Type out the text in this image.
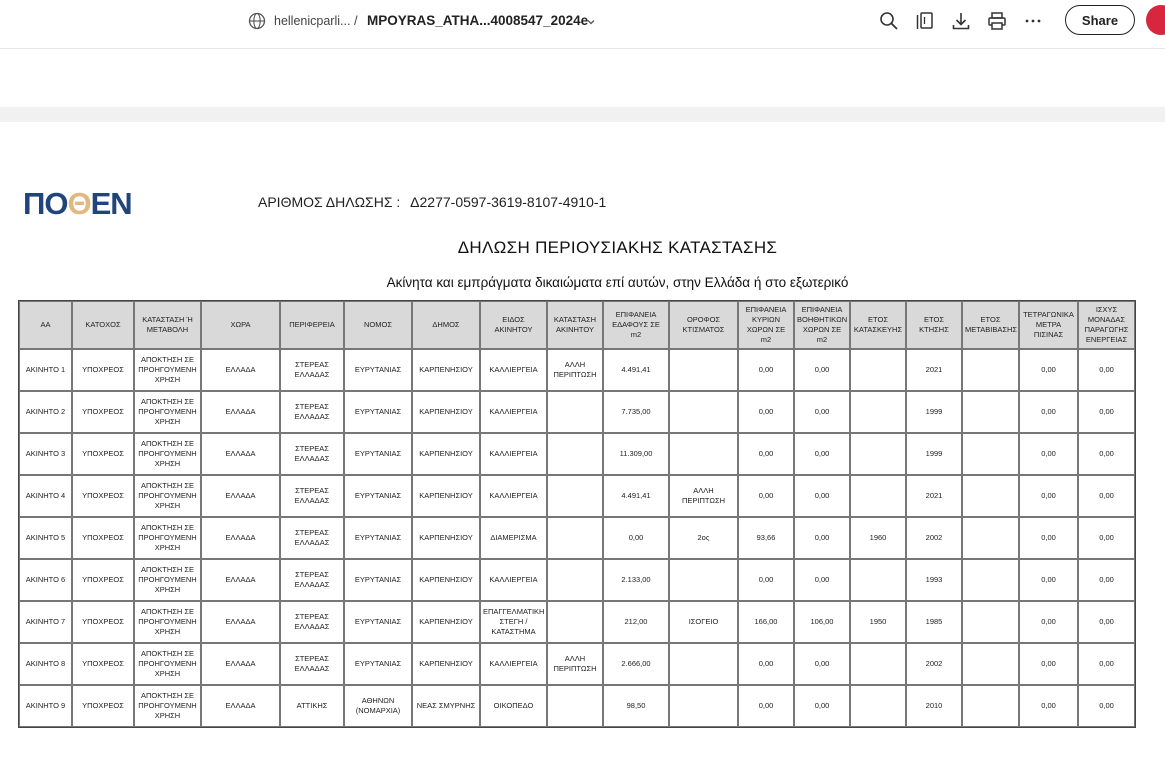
hellenicparli... / MPOYRAS_ATHA...4008547_2024e	Share
ΠΟΘΕΝ	ΑΡΙΘΜΟΣ ΔΗΛΩΣΗΣ : Δ2277-0597-3619-8107-4910-1
ΔΗΛΩΣΗ ΠΕΡΙΟΥΣΙΑΚΗΣ ΚΑΤΑΣΤΑΣΗΣ
Ακίνητα και εμπράγματα δικαιώματα επί αυτών, στην Ελλάδα ή στο εξωτερικό
ΑΑ	ΚΑΤΟΧΟΣ	ΚΑΤΑΣΤΑΣΗ Ή ΜΕΤΑΒΟΛΗ	ΧΩΡΑ	ΠΕΡΙΦΕΡΕΙΑ	ΝΟΜΟΣ	ΔΗΜΟΣ	ΕΙΔΟΣ ΑΚΙΝΗΤΟΥ	ΚΑΤΑΣΤΑΣΗ ΑΚΙΝΗΤΟΥ	ΕΠΙΦΑΝΕΙΑ ΕΔΑΦΟΥΣ ΣΕ m2	ΟΡΟΦΟΣ ΚΤΙΣΜΑΤΟΣ	ΕΠΙΦΑΝΕΙΑ ΚΥΡΙΩΝ ΧΩΡΩΝ ΣΕ m2	ΕΠΙΦΑΝΕΙΑ ΒΟΗΘΗΤΙΚΩΝ ΧΩΡΩΝ ΣΕ m2	ΕΤΟΣ ΚΑΤΑΣΚΕΥΗΣ	ΕΤΟΣ ΚΤΗΣΗΣ	ΕΤΟΣ ΜΕΤΑΒΙΒΑΣΗΣ	ΤΕΤΡΑΓΩΝΙΚΑ ΜΕΤΡΑ ΠΙΣΙΝΑΣ	ΙΣΧΥΣ ΜΟΝΑΔΑΣ ΠΑΡΑΓΩΓΗΣ ΕΝΕΡΓΕΙΑΣ
ΑΚΙΝΗΤΟ 1	ΥΠΟΧΡΕΟΣ	ΑΠΟΚΤΗΣΗ ΣΕ ΠΡΟΗΓΟΥΜΕΝΗ ΧΡΗΣΗ	ΕΛΛΑΔΑ	ΣΤΕΡΕΑΣ ΕΛΛΑΔΑΣ	ΕΥΡΥΤΑΝΙΑΣ	ΚΑΡΠΕΝΗΣΙΟΥ	ΚΑΛΛΙΕΡΓΕΙΑ	ΑΛΛΗ ΠΕΡΙΠΤΩΣΗ	4.491,41		0,00	0,00		2021		0,00	0,00
ΑΚΙΝΗΤΟ 2	ΥΠΟΧΡΕΟΣ	ΑΠΟΚΤΗΣΗ ΣΕ ΠΡΟΗΓΟΥΜΕΝΗ ΧΡΗΣΗ	ΕΛΛΑΔΑ	ΣΤΕΡΕΑΣ ΕΛΛΑΔΑΣ	ΕΥΡΥΤΑΝΙΑΣ	ΚΑΡΠΕΝΗΣΙΟΥ	ΚΑΛΛΙΕΡΓΕΙΑ		7.735,00		0,00	0,00		1999		0,00	0,00
ΑΚΙΝΗΤΟ 3	ΥΠΟΧΡΕΟΣ	ΑΠΟΚΤΗΣΗ ΣΕ ΠΡΟΗΓΟΥΜΕΝΗ ΧΡΗΣΗ	ΕΛΛΑΔΑ	ΣΤΕΡΕΑΣ ΕΛΛΑΔΑΣ	ΕΥΡΥΤΑΝΙΑΣ	ΚΑΡΠΕΝΗΣΙΟΥ	ΚΑΛΛΙΕΡΓΕΙΑ		11.309,00		0,00	0,00		1999		0,00	0,00
ΑΚΙΝΗΤΟ 4	ΥΠΟΧΡΕΟΣ	ΑΠΟΚΤΗΣΗ ΣΕ ΠΡΟΗΓΟΥΜΕΝΗ ΧΡΗΣΗ	ΕΛΛΑΔΑ	ΣΤΕΡΕΑΣ ΕΛΛΑΔΑΣ	ΕΥΡΥΤΑΝΙΑΣ	ΚΑΡΠΕΝΗΣΙΟΥ	ΚΑΛΛΙΕΡΓΕΙΑ		4.491,41	ΑΛΛΗ ΠΕΡΙΠΤΩΣΗ	0,00	0,00		2021		0,00	0,00
ΑΚΙΝΗΤΟ 5	ΥΠΟΧΡΕΟΣ	ΑΠΟΚΤΗΣΗ ΣΕ ΠΡΟΗΓΟΥΜΕΝΗ ΧΡΗΣΗ	ΕΛΛΑΔΑ	ΣΤΕΡΕΑΣ ΕΛΛΑΔΑΣ	ΕΥΡΥΤΑΝΙΑΣ	ΚΑΡΠΕΝΗΣΙΟΥ	ΔΙΑΜΕΡΙΣΜΑ		0,00	2ος	93,66	0,00	1960	2002		0,00	0,00
ΑΚΙΝΗΤΟ 6	ΥΠΟΧΡΕΟΣ	ΑΠΟΚΤΗΣΗ ΣΕ ΠΡΟΗΓΟΥΜΕΝΗ ΧΡΗΣΗ	ΕΛΛΑΔΑ	ΣΤΕΡΕΑΣ ΕΛΛΑΔΑΣ	ΕΥΡΥΤΑΝΙΑΣ	ΚΑΡΠΕΝΗΣΙΟΥ	ΚΑΛΛΙΕΡΓΕΙΑ		2.133,00		0,00	0,00		1993		0,00	0,00
ΑΚΙΝΗΤΟ 7	ΥΠΟΧΡΕΟΣ	ΑΠΟΚΤΗΣΗ ΣΕ ΠΡΟΗΓΟΥΜΕΝΗ ΧΡΗΣΗ	ΕΛΛΑΔΑ	ΣΤΕΡΕΑΣ ΕΛΛΑΔΑΣ	ΕΥΡΥΤΑΝΙΑΣ	ΚΑΡΠΕΝΗΣΙΟΥ	ΕΠΑΓΓΕΛΜΑΤΙΚΗ ΣΤΕΓΗ / ΚΑΤΑΣΤΗΜΑ		212,00	ΙΣΟΓΕΙΟ	166,00	106,00	1950	1985		0,00	0,00
ΑΚΙΝΗΤΟ 8	ΥΠΟΧΡΕΟΣ	ΑΠΟΚΤΗΣΗ ΣΕ ΠΡΟΗΓΟΥΜΕΝΗ ΧΡΗΣΗ	ΕΛΛΑΔΑ	ΣΤΕΡΕΑΣ ΕΛΛΑΔΑΣ	ΕΥΡΥΤΑΝΙΑΣ	ΚΑΡΠΕΝΗΣΙΟΥ	ΚΑΛΛΙΕΡΓΕΙΑ	ΑΛΛΗ ΠΕΡΙΠΤΩΣΗ	2.666,00		0,00	0,00		2002		0,00	0,00
ΑΚΙΝΗΤΟ 9	ΥΠΟΧΡΕΟΣ	ΑΠΟΚΤΗΣΗ ΣΕ ΠΡΟΗΓΟΥΜΕΝΗ ΧΡΗΣΗ	ΕΛΛΑΔΑ	ΑΤΤΙΚΗΣ	ΑΘΗΝΩΝ (ΝΟΜΑΡΧΙΑ)	ΝΕΑΣ ΣΜΥΡΝΗΣ	ΟΙΚΟΠΕΔΟ		98,50		0,00	0,00		2010		0,00	0,00
